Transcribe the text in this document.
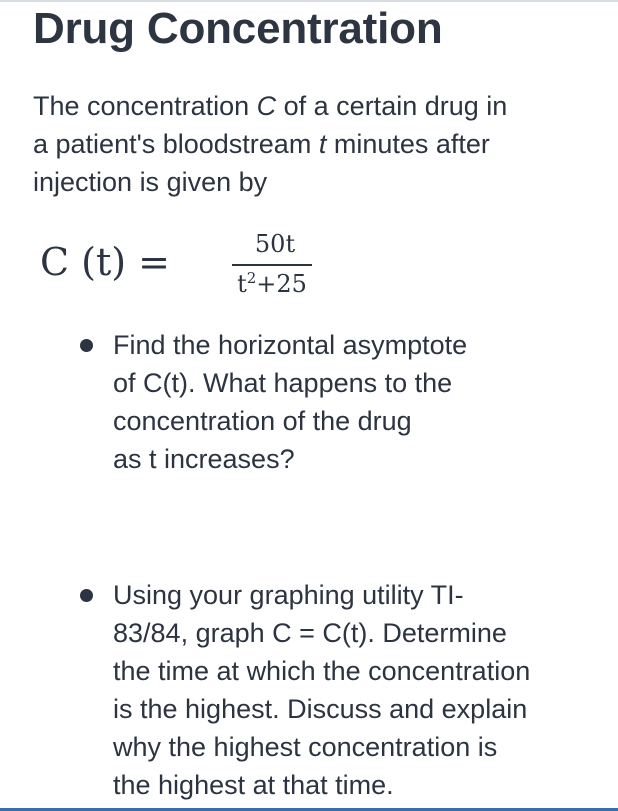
Drug Concentration

The concentration C of a certain drug in
a patient's bloodstream t minutes after
injection is given by

C (t) =	50t
$t^2+25$
Find the horizontal asymptote
of C(t). What happens to the
concentration of the drug
as t increases?
Using your graphing utility TI-
83/84, graph C = C(t). Determine
the time at which the concentration
is the highest. Discuss and explain
why the highest concentration is
the highest at that time.
